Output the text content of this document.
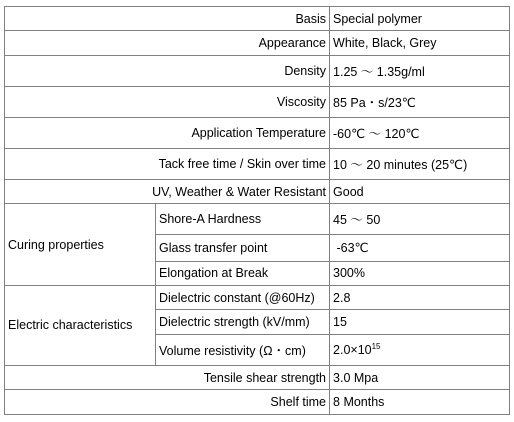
Basis		Special polymer
Appearance		White, Black, Grey
Density		1.25 ～ 1.35g/ml
Viscosity		85 Pa・s/23℃
Application Temperature		-60℃ ～ 120℃
Tack free time / Skin over time		10 ～ 20 minutes (25℃)
UV, Weather & Water Resistant		Good
Curing properties	Shore-A Hardness	45 ～ 50
	Glass transfer point	-63℃
	Elongation at Break	300%
Electric characteristics	Dielectric constant (@60Hz)	2.8
	Dielectric strength (kV/mm)	15
	Volume resistivity (Ω・cm)	$2.0\times 10^{15}$
Tensile shear strength		3.0 Mpa
Shelf time		8 Months
